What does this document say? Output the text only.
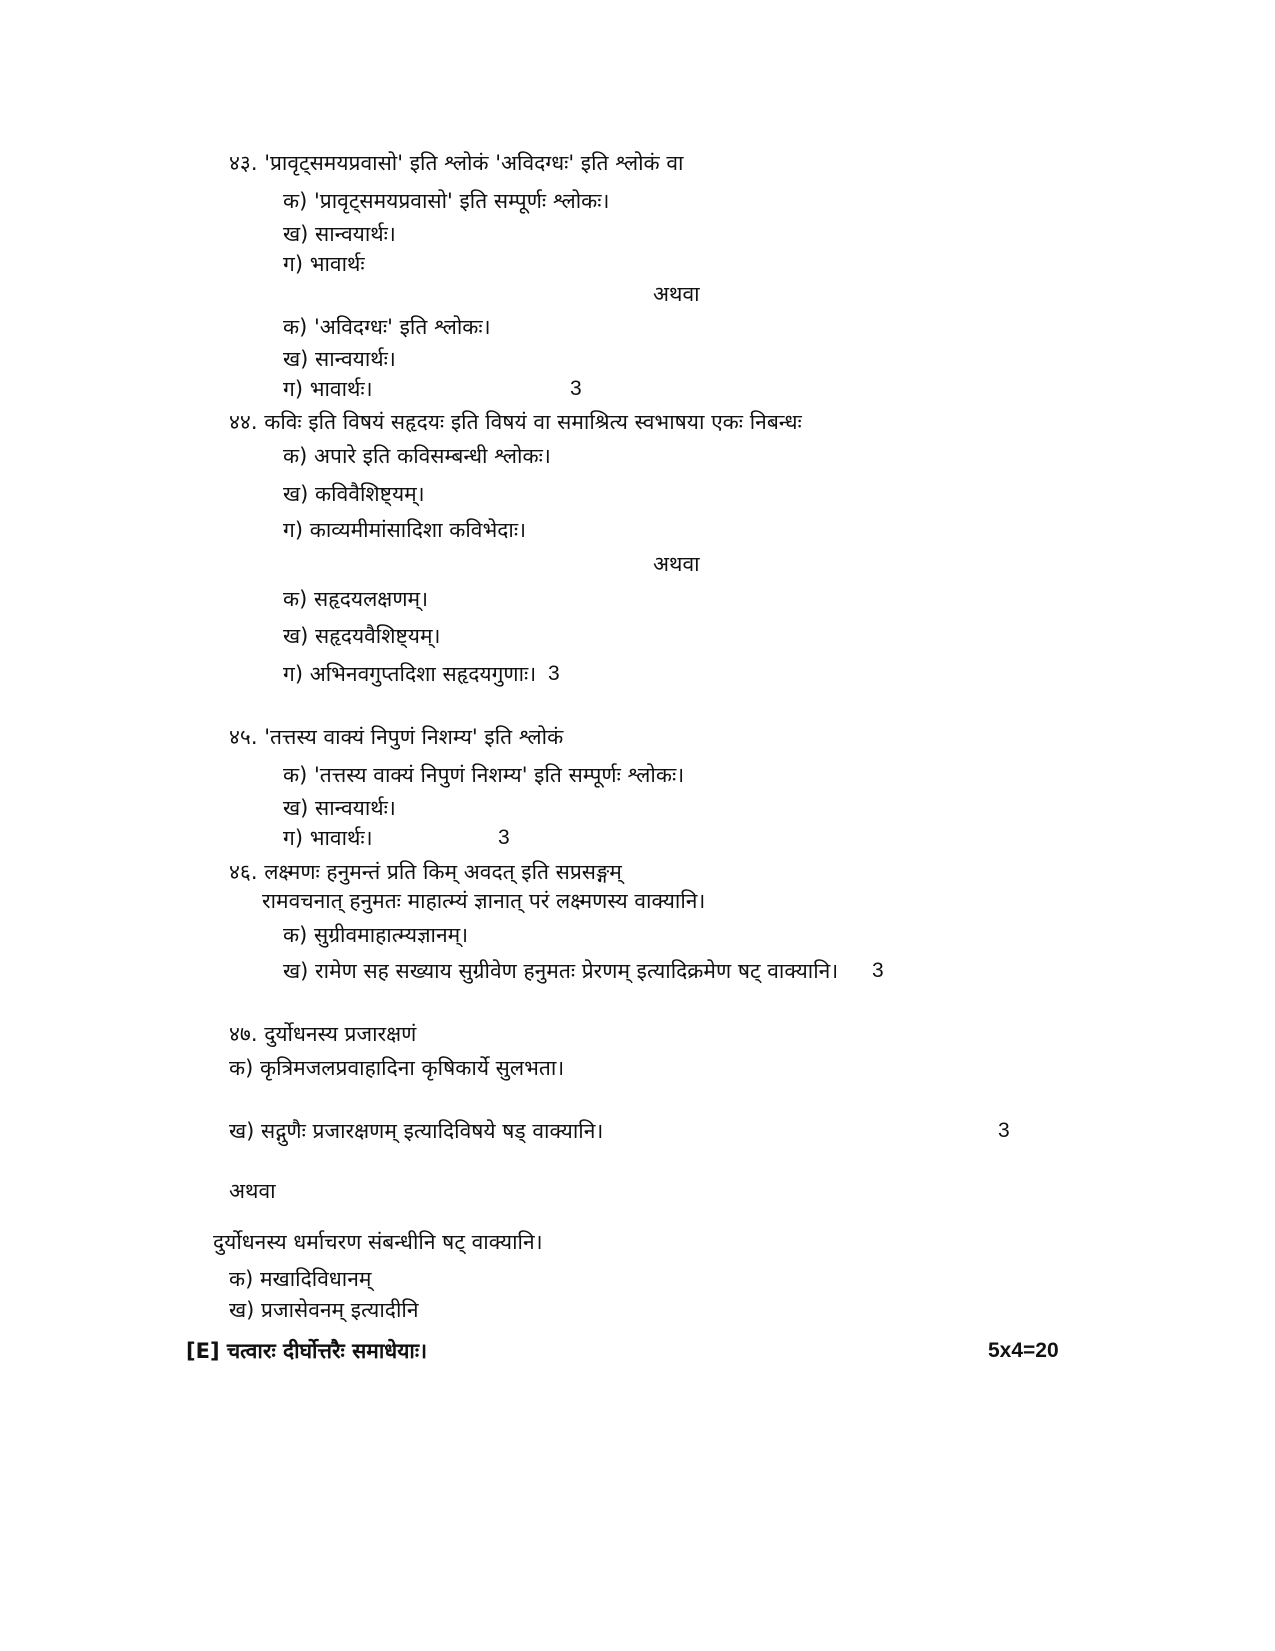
४३. 'प्रावृट्समयप्रवासो' इति श्लोकं 'अविदग्धः' इति श्लोकं वा
क) 'प्रावृट्समयप्रवासो' इति सम्पूर्णः श्लोकः।
ख) सान्वयार्थः।
ग) भावार्थः
अथवा
क) 'अविदग्धः' इति श्लोकः।
ख) सान्वयार्थः।
ग) भावार्थः।	3
४४. कविः इति विषयं सहृदयः इति विषयं वा समाश्रित्य स्वभाषया एकः निबन्धः
क) अपारे इति कविसम्बन्धी श्लोकः।
ख) कविवैशिष्ट्यम्।
ग) काव्यमीमांसादिशा कविभेदाः।
अथवा
क) सहृदयलक्षणम्।
ख) सहृदयवैशिष्ट्यम्।
ग) अभिनवगुप्तदिशा सहृदयगुणाः। 3
४५. 'तत्तस्य वाक्यं निपुणं निशम्य' इति श्लोकं
क) 'तत्तस्य वाक्यं निपुणं निशम्य' इति सम्पूर्णः श्लोकः।
ख) सान्वयार्थः।
ग) भावार्थः।	3
४६. लक्ष्मणः हनुमन्तं प्रति किम् अवदत् इति सप्रसङ्गम्
रामवचनात् हनुमतः माहात्म्यं ज्ञानात् परं लक्ष्मणस्य वाक्यानि।
क) सुग्रीवमाहात्म्यज्ञानम्।
ख) रामेण सह सख्याय सुग्रीवेण हनुमतः प्रेरणम् इत्यादिक्रमेण षट् वाक्यानि। 3
४७. दुर्योधनस्य प्रजारक्षणं
क) कृत्रिमजलप्रवाहादिना कृषिकार्ये सुलभता।
ख) सद्गुणैः प्रजारक्षणम् इत्यादिविषये षड् वाक्यानि।	3
अथवा
दुर्योधनस्य धर्माचरण संबन्धीनि षट् वाक्यानि।
क) मखादिविधानम्
ख) प्रजासेवनम् इत्यादीनि
[E] चत्वारः दीर्घोत्तरैः समाधेयाः।	5x4=20
